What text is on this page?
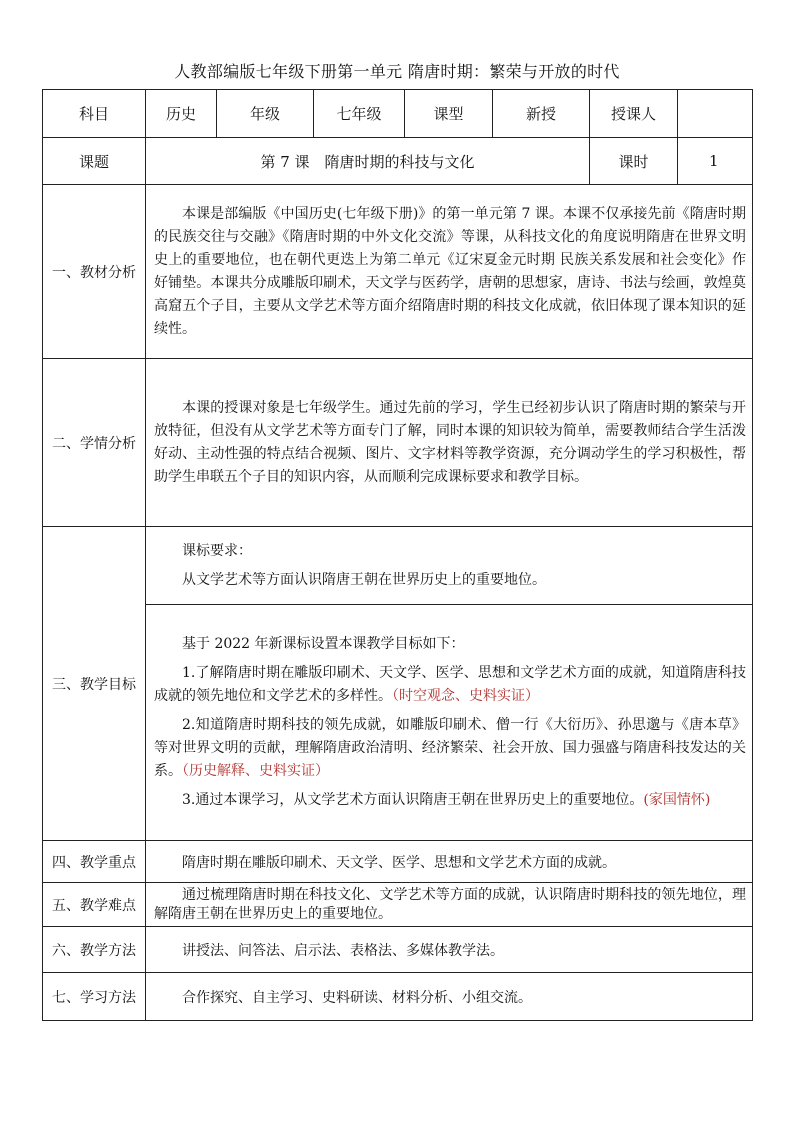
人教部编版七年级下册第一单元 隋唐时期：繁荣与开放的时代
科目	历史	年级	七年级	课型	新授	授课人	
课题	第 7 课　隋唐时期的科技与文化					课时	1
一、教材分析	本课是部编版《中国历史(七年级下册)》的第一单元第 7 课。本课不仅承接先前《隋唐时期的民族交往与交融》《隋唐时期的中外文化交流》等课，从科技文化的角度说明隋唐在世界文明史上的重要地位，也在朝代更迭上为第二单元《辽宋夏金元时期 民族关系发展和社会变化》作好铺垫。本课共分成雕版印刷术，天文学与医药学，唐朝的思想家，唐诗、书法与绘画，敦煌莫高窟五个子目，主要从文学艺术等方面介绍隋唐时期的科技文化成就，依旧体现了课本知识的延续性。						

二、学情分析	本课的授课对象是七年级学生。通过先前的学习，学生已经初步认识了隋唐时期的繁荣与开放特征，但没有从文学艺术等方面专门了解，同时本课的知识较为简单，需要教师结合学生活泼好动、主动性强的特点结合视频、图片、文字材料等教学资源，充分调动学生的学习积极性，帮助学生串联五个子目的知识内容，从而顺利完成课标要求和教学目标。						

三、教学目标	课标要求：
从文学艺术等方面认识隋唐王朝在世界历史上的重要地位。						

	基于 2022 年新课标设置本课教学目标如下：
1.了解隋唐时期在雕版印刷术、天文学、医学、思想和文学艺术方面的成就，知道隋唐科技成就的领先地位和文学艺术的多样性。（时空观念、史料实证）
2.知道隋唐时期科技的领先成就，如雕版印刷术、僧一行《大衍历》、孙思邈与《唐本草》等对世界文明的贡献，理解隋唐政治清明、经济繁荣、社会开放、国力强盛与隋唐科技发达的关系。（历史解释、史料实证）
3.通过本课学习，从文学艺术方面认识隋唐王朝在世界历史上的重要地位。(家国情怀)						

四、教学重点	隋唐时期在雕版印刷术、天文学、医学、思想和文学艺术方面的成就。						

五、教学难点	通过梳理隋唐时期在科技文化、文学艺术等方面的成就，认识隋唐时期科技的领先地位，理解隋唐王朝在世界历史上的重要地位。						

六、教学方法	讲授法、问答法、启示法、表格法、多媒体教学法。						

七、学习方法	合作探究、自主学习、史料研读、材料分析、小组交流。						
